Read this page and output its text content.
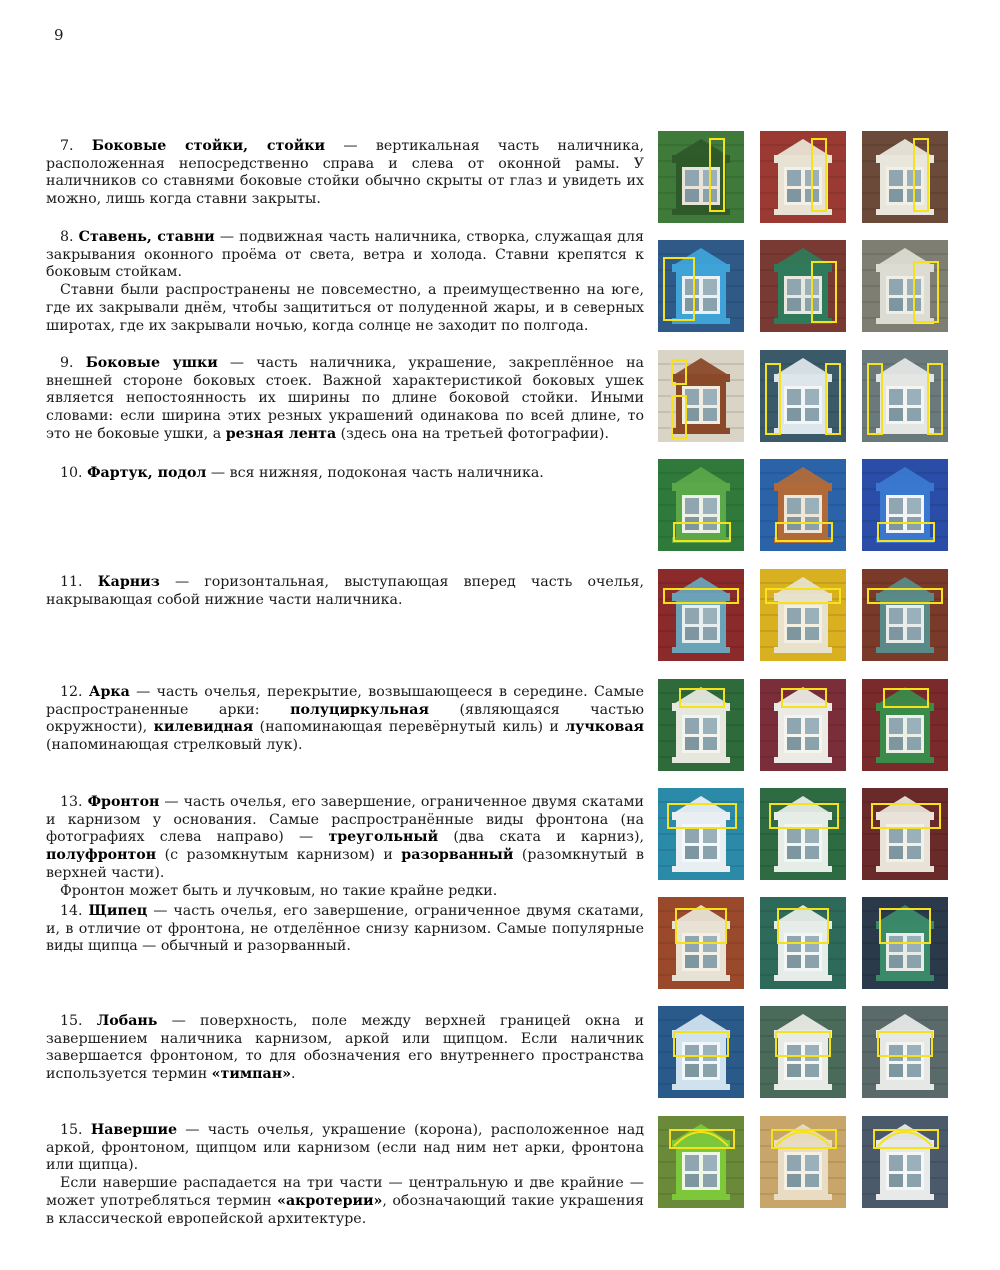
9

7. Боковые стойки, стойки — вертикальная часть наличника, расположенная непосредственно справа и слева от оконной рамы. У наличников со ставнями боковые стойки обычно скрыты от глаз и увидеть их можно, лишь когда ставни закрыты.

8. Ставень, ставни — подвижная часть наличника, створка, служащая для закрывания оконного проёма от света, ветра и холода. Ставни крепятся к боковым стойкам.

Ставни были распространены не повсеместно, а преимущественно на юге, где их закрывали днём, чтобы защититься от полуденной жары, и в северных широтах, где их закрывали ночью, когда солнце не заходит по полгода.

9. Боковые ушки — часть наличника, украшение, закреплённое на внешней стороне боковых стоек. Важной характеристикой боковых ушек является непостоянность их ширины по длине боковой стойки. Иными словами: если ширина этих резных украшений одинакова по всей длине, то это не боковые ушки, а резная лента (здесь она на третьей фотографии).

10. Фартук, подол — вся нижняя, подоконая часть наличника.

11. Карниз — горизонтальная, выступающая вперед часть очелья, накрывающая собой нижние части наличника.

12. Арка — часть очелья, перекрытие, возвышающееся в середине. Самые распространенные арки: полуциркульная (являющаяся частью окружности), килевидная (напоминающая перевёрнутый киль) и лучковая (напоминающая стрелковый лук).

13. Фронтон — часть очелья, его завершение, ограниченное двумя скатами и карнизом у основания. Самые распространённые виды фронтона (на фотографиях слева направо) — треугольный (два ската и карниз), полуфронтон (с разомкнутым карнизом) и разорванный (разомкнутый в верхней части).

Фронтон может быть и лучковым, но такие крайне редки.

14. Щипец — часть очелья, его завершение, ограниченное двумя скатами, и, в отличие от фронтона, не отделённое снизу карнизом. Самые популярные виды щипца — обычный и разорванный.

15. Лобань — поверхность, поле между верхней границей окна и завершением наличника карнизом, аркой или щипцом. Если наличник завершается фронтоном, то для обозначения его внутреннего пространства используется термин «тимпан».

15. Навершие — часть очелья, украшение (корона), расположенное над аркой, фронтоном, щипцом или карнизом (если над ним нет арки, фронтона или щипца).

Если навершие распадается на три части — центральную и две крайние — может употребляться термин «акротерии», обозначающий такие украшения в классической европейской архитектуре.
